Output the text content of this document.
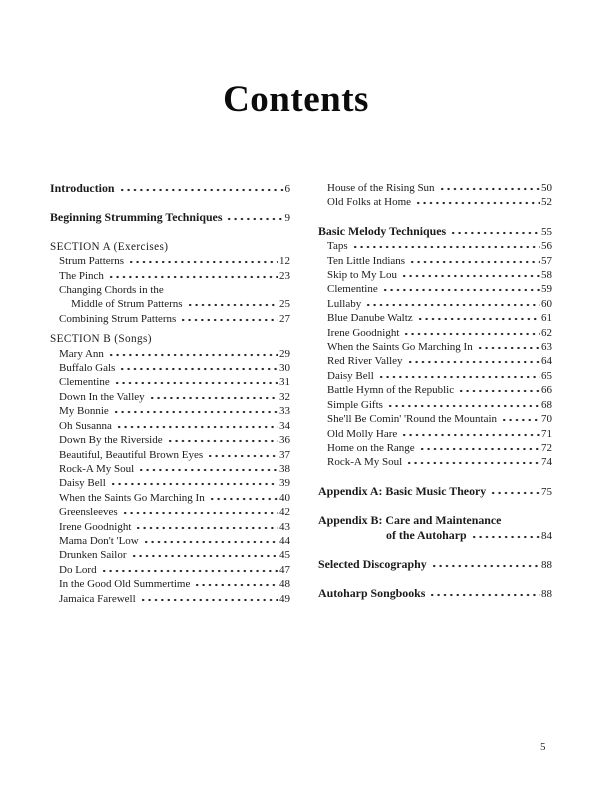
Contents
Introduction	6
Beginning Strumming Techniques	9
SECTION A (Exercises)
Strum Patterns	12
The Pinch	23
Changing Chords in the
Middle of Strum Patterns	25
Combining Strum Patterns	27
SECTION B (Songs)
Mary Ann	29
Buffalo Gals	30
Clementine	31
Down In the Valley	32
My Bonnie	33
Oh Susanna	34
Down By the Riverside	36
Beautiful, Beautiful Brown Eyes	37
Rock-A My Soul	38
Daisy Bell	39
When the Saints Go Marching In	40
Greensleeves	42
Irene Goodnight	43
Mama Don't 'Low	44
Drunken Sailor	45
Do Lord	47
In the Good Old Summertime	48
Jamaica Farewell	49
House of the Rising Sun	50
Old Folks at Home	52
Basic Melody Techniques	55
Taps	56
Ten Little Indians	57
Skip to My Lou	58
Clementine	59
Lullaby	60
Blue Danube Waltz	61
Irene Goodnight	62
When the Saints Go Marching In	63
Red River Valley	64
Daisy Bell	65
Battle Hymn of the Republic	66
Simple Gifts	68
She'll Be Comin' 'Round the Mountain	70
Old Molly Hare	71
Home on the Range	72
Rock-A My Soul	74
Appendix A: Basic Music Theory	75
Appendix B: Care and Maintenance
of the Autoharp	84
Selected Discography	88
Autoharp Songbooks	88
5
